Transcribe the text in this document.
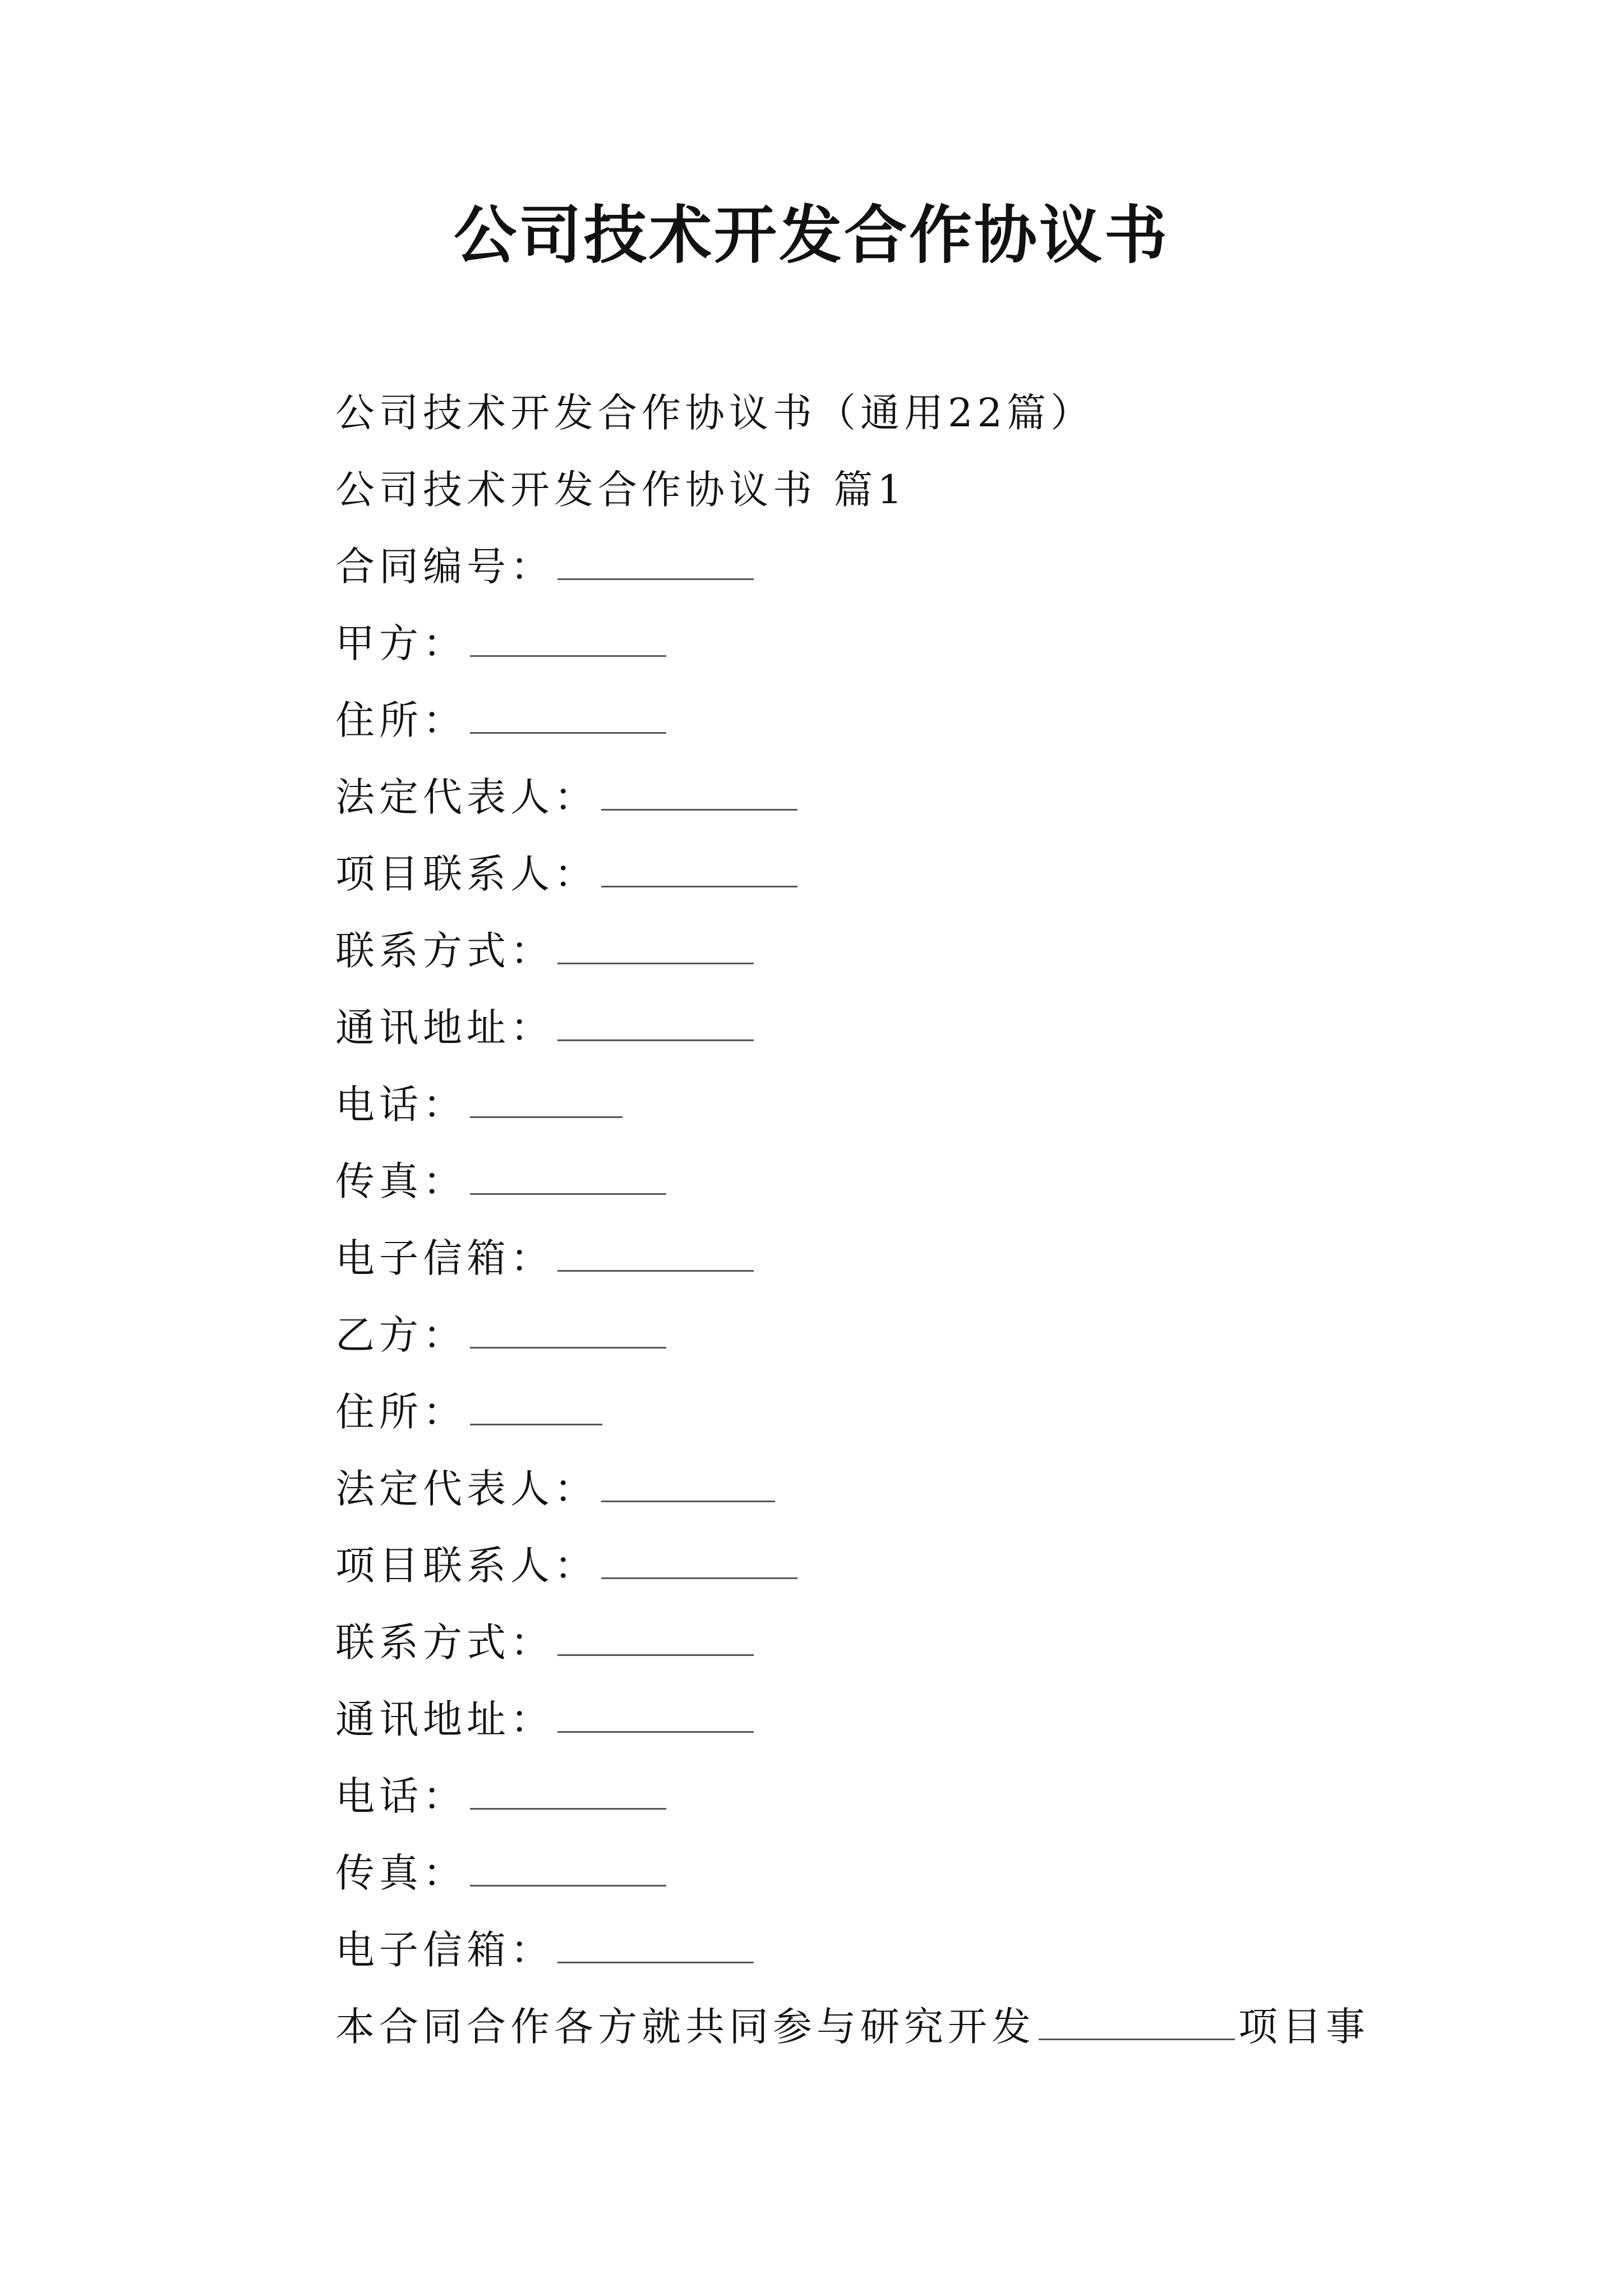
公司技术开发合作协议书
公司技术开发合作协议书（通用22篇）
公司技术开发合作协议书 篇1
合同编号：
甲方：
住所：
法定代表人：
项目联系人：
联系方式：
通讯地址：
电话：
传真：
电子信箱：
乙方：
住所：
法定代表人：
项目联系人：
联系方式：
通讯地址：
电话：
传真：
电子信箱：
本合同合作各方就共同参与研究开发	项目事
